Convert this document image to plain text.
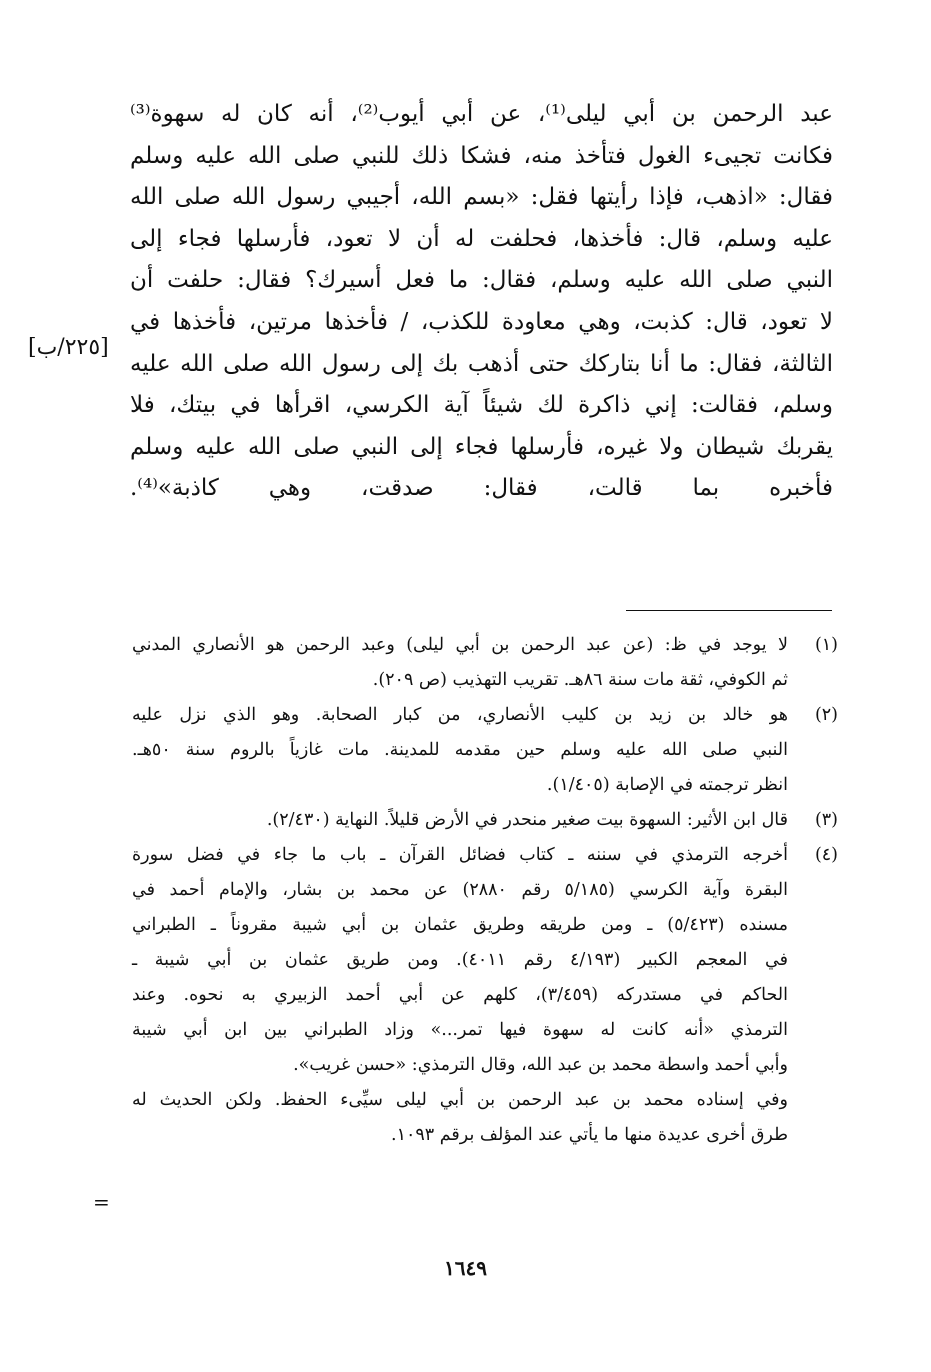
عبد الرحمن بن أبي ليلى⁽¹⁾، عن أبي أيوب⁽²⁾، أنه كان له سهوة⁽³⁾
فكانت تجيىء الغول فتأخذ منه، فشكا ذلك للنبي صلى الله عليه وسلم
فقال: «اذهب، فإذا رأيتها فقل: «بسم الله، أجيبي رسول الله صلى الله
عليه وسلم، قال: فأخذها، فحلفت له أن لا تعود، فأرسلها فجاء إلى
النبي صلى الله عليه وسلم، فقال: ما فعل أسيرك؟ فقال: حلفت أن
لا تعود، قال: كذبت، وهي معاودة للكذب، / فأخذها مرتين، فأخذها في
الثالثة، فقال: ما أنا بتاركك حتى أذهب بك إلى رسول الله صلى الله عليه
وسلم، فقالت: إني ذاكرة لك شيئاً آية الكرسي، اقرأها في بيتك، فلا
يقربك شيطان ولا غيره، فأرسلها فجاء إلى النبي صلى الله عليه وسلم
فأخبره بما قالت، فقال: صدقت، وهي كاذبة»⁽⁴⁾.
[٢٢٥/ب]
(١)
لا يوجد في ظ: (عن عبد الرحمن بن أبي ليلى) وعبد الرحمن هو الأنصاري المدني
ثم الكوفي، ثقة مات سنة ٨٦هـ. تقريب التهذيب (ص ٢٠٩).
(٢)
هو خالد بن زيد بن كليب الأنصاري، من كبار الصحابة. وهو الذي نزل عليه
النبي صلى الله عليه وسلم حين مقدمه للمدينة. مات غازياً بالروم سنة ٥٠هـ.
انظر ترجمته في الإصابة (١/٤٠٥).
(٣)
قال ابن الأثير: السهوة بيت صغير منحدر في الأرض قليلاً. النهاية (٢/٤٣٠).
(٤)
أخرجه الترمذي في سننه ـ كتاب فضائل القرآن ـ باب ما جاء في فضل سورة
البقرة وآية الكرسي (٥/١٨٥ رقم ٢٨٨٠) عن محمد بن بشار، والإمام أحمد في
مسنده (٥/٤٢٣) ـ ومن طريقه وطريق عثمان بن أبي شيبة مقروناً ـ الطبراني
في المعجم الكبير (٤/١٩٣ رقم ٤٠١١). ومن طريق عثمان بن أبي شيبة ـ
الحاكم في مستدركه (٣/٤٥٩)، كلهم عن أبي أحمد الزبيري به نحوه. وعند
الترمذي «أنه كانت له سهوة فيها تمر...» وزاد الطبراني بين ابن أبي شيبة
وأبي أحمد واسطة محمد بن عبد الله، وقال الترمذي: «حسن غريب».
وفي إسناده محمد بن عبد الرحمن بن أبي ليلى سيِّىء الحفظ. ولكن الحديث له
طرق أخرى عديدة منها ما يأتي عند المؤلف برقم ١٠٩٣.
=
١٦٤٩
